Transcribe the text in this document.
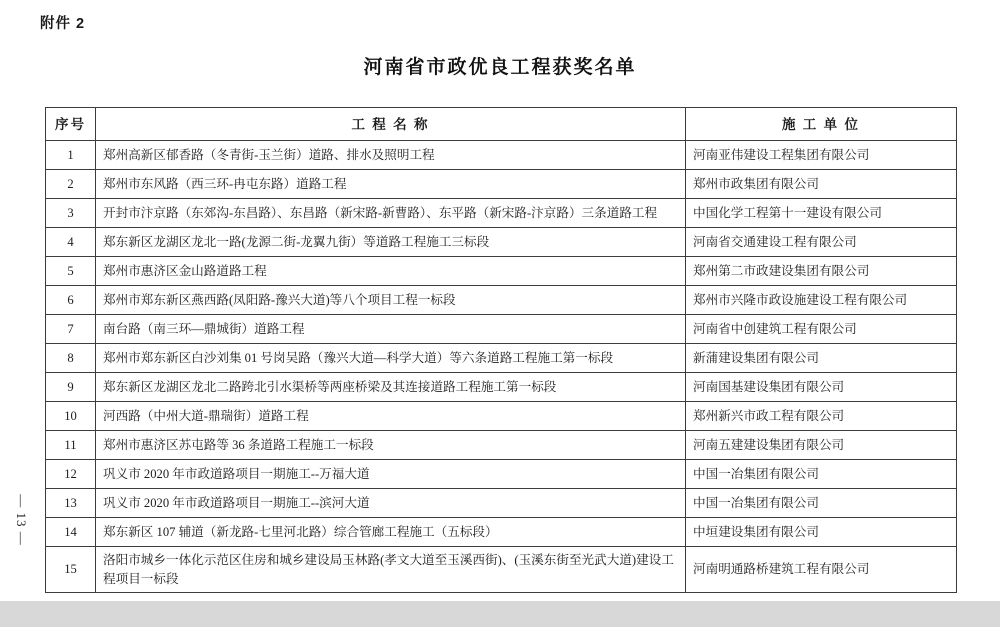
附件 2
河南省市政优良工程获奖名单
序号	工 程 名 称	施 工 单 位
1	郑州高新区郁香路（冬青街-玉兰街）道路、排水及照明工程	河南亚伟建设工程集团有限公司
2	郑州市东风路（西三环-冉屯东路）道路工程	郑州市政集团有限公司
3	开封市汴京路（东郊沟-东昌路）、东昌路（新宋路-新曹路）、东平路（新宋路-汴京路）三条道路工程	中国化学工程第十一建设有限公司
4	郑东新区龙湖区龙北一路(龙源二街-龙翼九街）等道路工程施工三标段	河南省交通建设工程有限公司
5	郑州市惠济区金山路道路工程	郑州第二市政建设集团有限公司
6	郑州市郑东新区燕西路(凤阳路-豫兴大道)等八个项目工程一标段	郑州市兴隆市政设施建设工程有限公司
7	南台路（南三环—鼎城街）道路工程	河南省中创建筑工程有限公司
8	郑州市郑东新区白沙刘集 01 号岗吴路（豫兴大道—科学大道）等六条道路工程施工第一标段	新蒲建设集团有限公司
9	郑东新区龙湖区龙北二路跨北引水渠桥等两座桥梁及其连接道路工程施工第一标段	河南国基建设集团有限公司
10	河西路（中州大道-鼎瑞街）道路工程	郑州新兴市政工程有限公司
11	郑州市惠济区苏屯路等 36 条道路工程施工一标段	河南五建建设集团有限公司
12	巩义市 2020 年市政道路项目一期施工--万福大道	中国一冶集团有限公司
13	巩义市 2020 年市政道路项目一期施工--滨河大道	中国一冶集团有限公司
14	郑东新区 107 辅道（新龙路-七里河北路）综合管廊工程施工（五标段）	中垣建设集团有限公司
15	洛阳市城乡一体化示范区住房和城乡建设局玉林路(孝文大道至玉溪西街)、(玉溪东街至光武大道)建设工程项目一标段	河南明通路桥建筑工程有限公司
— 13 —
